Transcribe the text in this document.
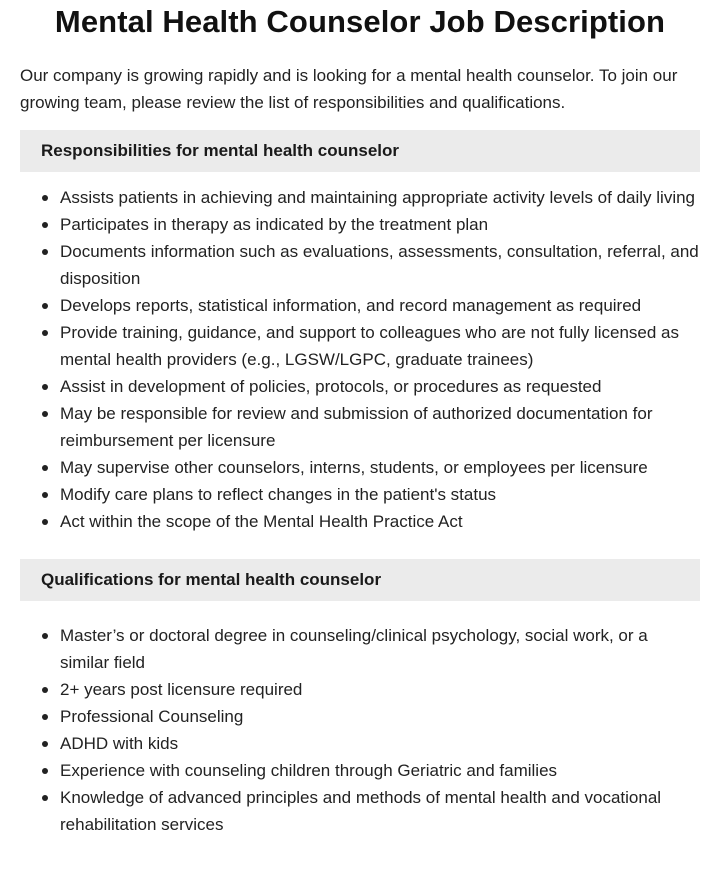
Mental Health Counselor Job Description

Our company is growing rapidly and is looking for a mental health counselor. To join our growing team, please review the list of responsibilities and qualifications.

Responsibilities for mental health counselor
Assists patients in achieving and maintaining appropriate activity levels of daily living
Participates in therapy as indicated by the treatment plan
Documents information such as evaluations, assessments, consultation, referral, and disposition
Develops reports, statistical information, and record management as required
Provide training, guidance, and support to colleagues who are not fully licensed as mental health providers (e.g., LGSW/LGPC, graduate trainees)
Assist in development of policies, protocols, or procedures as requested
May be responsible for review and submission of authorized documentation for reimbursement per licensure
May supervise other counselors, interns, students, or employees per licensure
Modify care plans to reflect changes in the patient's status
Act within the scope of the Mental Health Practice Act
Qualifications for mental health counselor
Master’s or doctoral degree in counseling/clinical psychology, social work, or a similar field
2+ years post licensure required
Professional Counseling
ADHD with kids
Experience with counseling children through Geriatric and families
Knowledge of advanced principles and methods of mental health and vocational rehabilitation services
